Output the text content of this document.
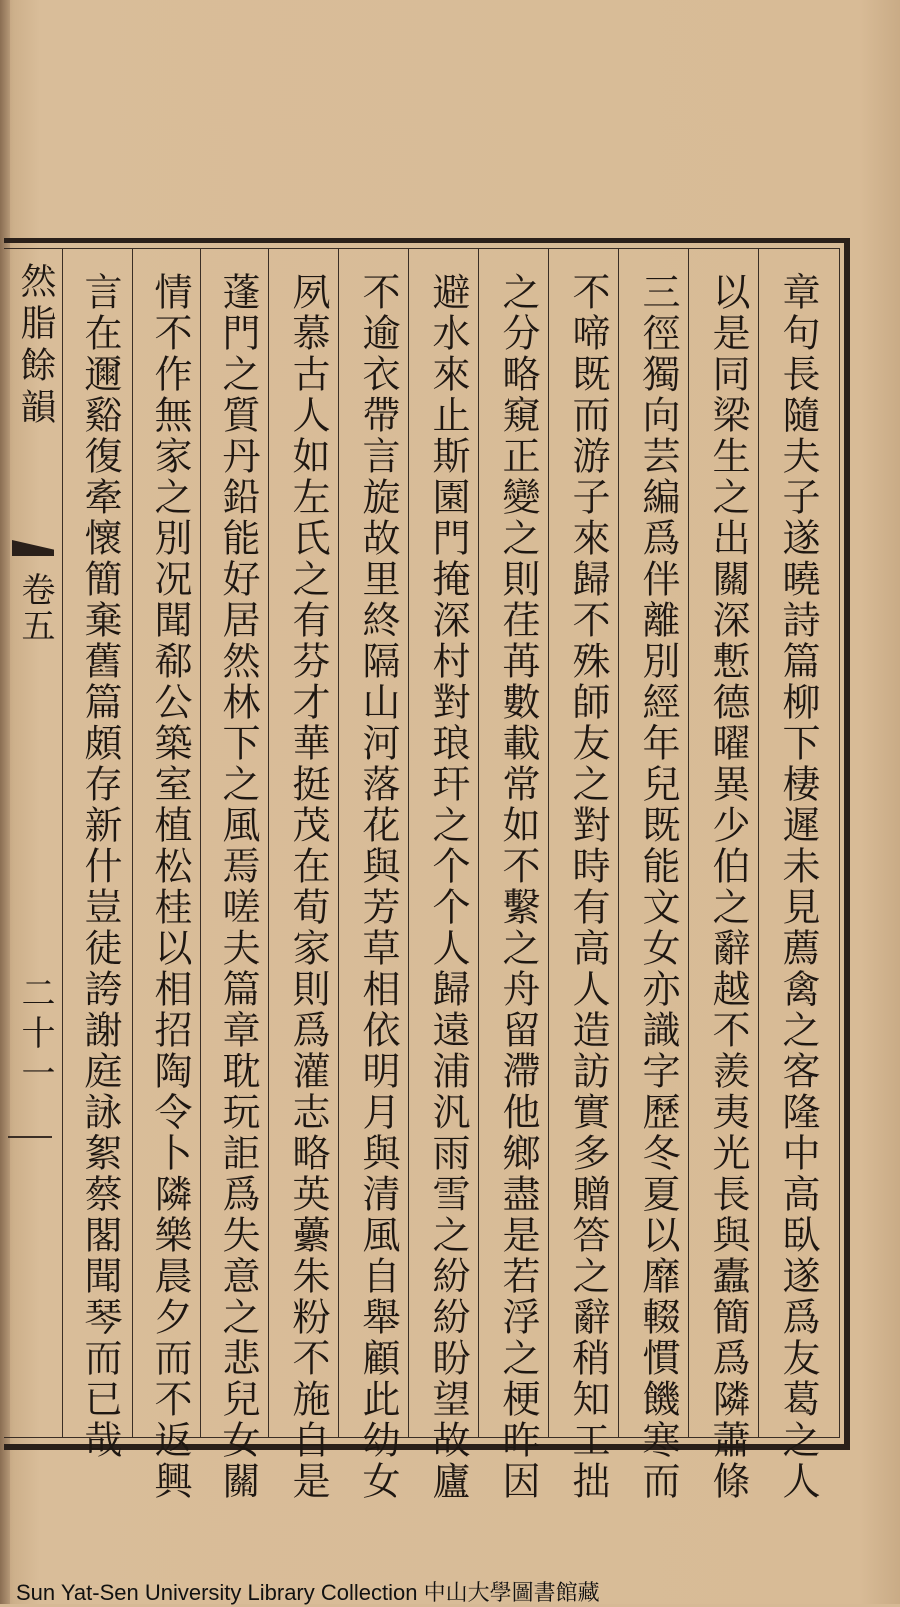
然脂餘韻
卷五
二十一	章句長隨夫子遂曉詩篇柳下棲遲未見薦禽之客隆中高臥遂爲友葛之人
以是同梁生之出關深慙德曜異少伯之辭越不羨夷光長與蠹簡爲隣蕭條
三徑獨向芸編爲伴離別經年兒既能文女亦識字歷冬夏以靡輟慣饑寒而
不啼既而游子來歸不殊師友之對時有高人造訪實多贈答之辭稍知工拙
之分略窺正變之則荏苒數載常如不繫之舟留滯他鄉盡是若浮之梗昨因
避水來止斯園門掩深村對琅玕之个个人歸遠浦汎雨雪之紛紛盼望故廬
不逾衣帶言旋故里終隔山河落花與芳草相依明月與清風自舉顧此幼女
夙慕古人如左氏之有芬才華挺茂在荀家則爲灌志略英虆朱粉不施自是
蓬門之質丹鉛能好居然林下之風焉嗟夫篇章耽玩詎爲失意之悲兒女關
情不作無家之別况聞郗公築室植松桂以相招陶令卜隣樂晨夕而不返興
言在邇谿復牽懷簡棄舊篇頗存新什豈徒誇謝庭詠絮蔡閣聞琴而已哉
Sun Yat-Sen University Library Collection 中山大學圖書館藏
